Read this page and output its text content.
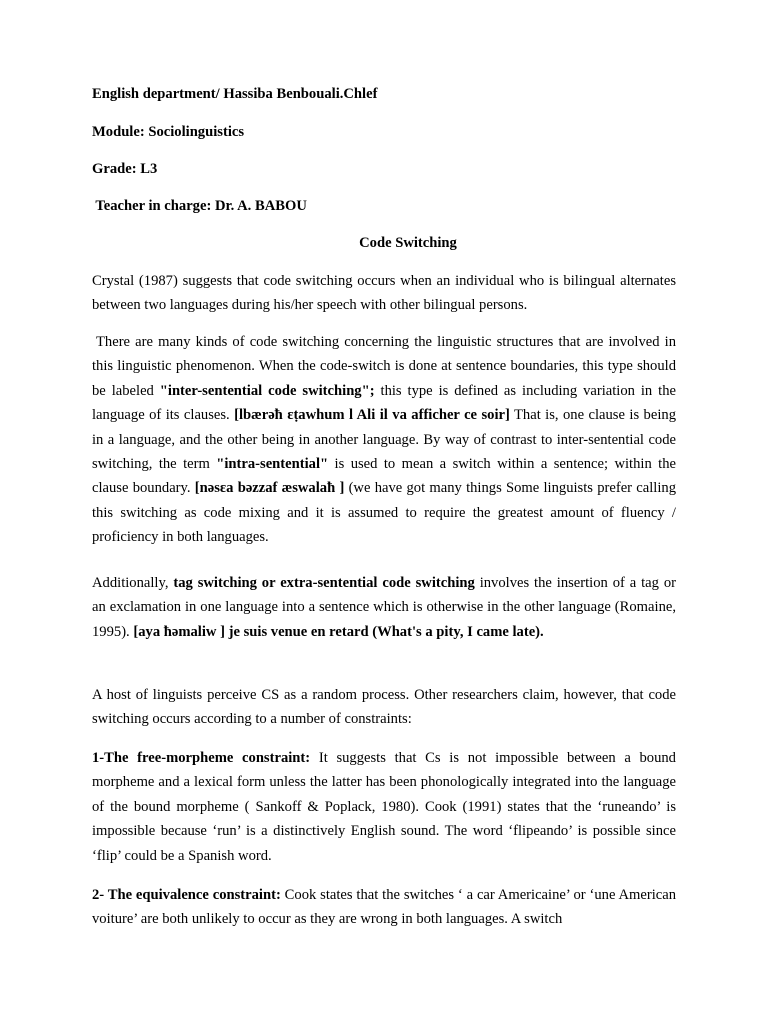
English department/ Hassiba Benbouali.Chlef
Module: Sociolinguistics
Grade: L3
Teacher in charge: Dr. A. BABOU
Code Switching

Crystal (1987) suggests that code switching occurs when an individual who is bilingual alternates between two languages during his/her speech with other bilingual persons.

There are many kinds of code switching concerning the linguistic structures that are involved in this linguistic phenomenon. When the code-switch is done at sentence boundaries, this type should be labeled "inter-sentential code switching"; this type is defined as including variation in the language of its clauses. [lbærəħ ɛṭawhum l Ali il va afficher ce soir] That is, one clause is being in a language, and the other being in another language. By way of contrast to inter-sentential code switching, the term "intra-sentential" is used to mean a switch within a sentence; within the clause boundary. [nəsɛa bəzzaf æswalaħ ] (we have got many things Some linguists prefer calling this switching as code mixing and it is assumed to require the greatest amount of fluency / proficiency in both languages.

Additionally, tag switching or extra-sentential code switching involves the insertion of a tag or an exclamation in one language into a sentence which is otherwise in the other language (Romaine, 1995). [aya ħəmaliw ] je suis venue en retard (What's a pity, I came late).

A host of linguists perceive CS as a random process. Other researchers claim, however, that code switching occurs according to a number of constraints:

1-The free-morpheme constraint: It suggests that Cs is not impossible between a bound morpheme and a lexical form unless the latter has been phonologically integrated into the language of the bound morpheme ( Sankoff & Poplack, 1980). Cook (1991) states that the ‘runeando’ is impossible because ‘run’ is a distinctively English sound. The word ‘flipeando’ is possible since ‘flip’ could be a Spanish word.

2- The equivalence constraint: Cook states that the switches ‘ a car Americaine’ or ‘une American voiture’ are both unlikely to occur as they are wrong in both languages. A switch
